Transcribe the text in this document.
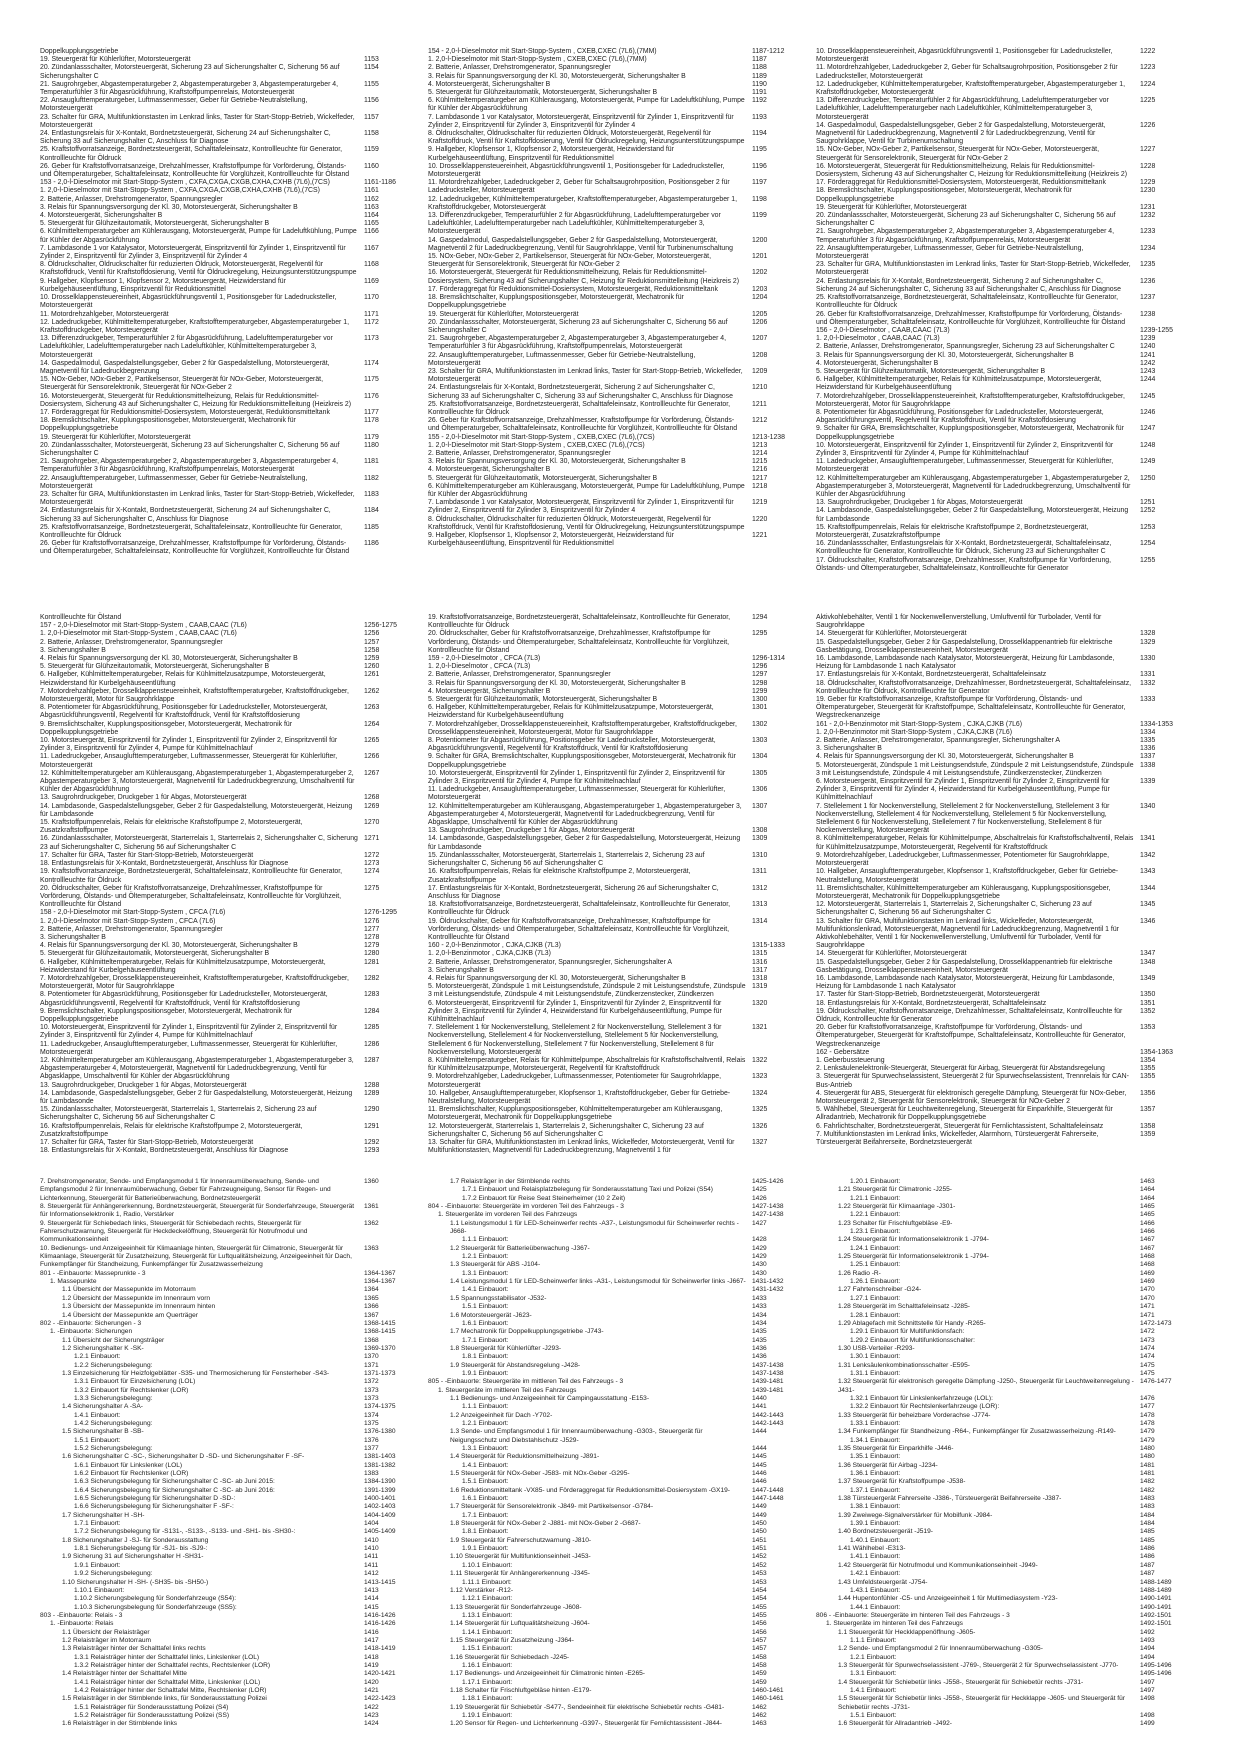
Doppelkupplungsgetriebe
19. Steuergerät für Kühlerlüfter, Motorsteuergerät	1153
20. Zündanlassschalter, Motorsteuergerät, Sicherung 23 auf Sicherungshalter C, Sicherung 56 auf Sicherungshalter C
1154
21. Saugrohrgeber, Abgastemperaturgeber 2, Abgastemperaturgeber 3, Abgastemperaturgeber 4, Temperaturfühler 3 für Abgasrückführung, Kraftstoffpumpenrelais, Motorsteuergerät
1155
22. Ansauglufttemperaturgeber, Luftmassenmesser, Geber für Getriebe-Neutralstellung, Motorsteuergerät
1156
23. Schalter für GRA, Multifunktionstasten im Lenkrad links, Taster für Start-Stopp-Betrieb, Wickelfeder, Motorsteuergerät
1157
24. Entlastungsrelais für X-Kontakt, Bordnetzsteuergerät, Sicherung 24 auf Sicherungshalter C, Sicherung 33 auf Sicherungshalter C, Anschluss für Diagnose
1158
25. Kraftstoffvorratsanzeige, Bordnetzsteuergerät, Schalttafeleinsatz, Kontrollleuchte für Generator, Kontrollleuchte für Öldruck
1159
26. Geber für Kraftstoffvorratsanzeige, Drehzahlmesser, Kraftstoffpumpe für Vorförderung, Ölstands- und Öltemperaturgeber, Schalttafeleinsatz, Kontrollleuchte für Vorglühzeit, Kontrollleuchte für Ölstand
1160
153 - 2,0-l-Dieselmotor mit Start-Stopp-System , CXFA,CXGA,CXGB,CXHA,CXHB (7L6),(7CS)	1161-1186
1. 2,0-l-Dieselmotor mit Start-Stopp-System , CXFA,CXGA,CXGB,CXHA,CXHB (7L6),(7CS)	1161
2. Batterie, Anlasser, Drehstromgenerator, Spannungsregler	1162
3. Relais für Spannungsversorgung der Kl. 30, Motorsteuergerät, Sicherungshalter B	1163
4. Motorsteuergerät, Sicherungshalter B	1164
5. Steuergerät für Glühzeitautomatik, Motorsteuergerät, Sicherungshalter B	1165
6. Kühlmitteltemperaturgeber am Kühlerausgang, Motorsteuergerät, Pumpe für Ladeluftkühlung, Pumpe für Kühler der Abgasrückführung
1166
7. Lambdasonde 1 vor Katalysator, Motorsteuergerät, Einspritzventil für Zylinder 1, Einspritzventil für Zylinder 2, Einspritzventil für Zylinder 3, Einspritzventil für Zylinder 4
1167
8. Öldruckschalter, Öldruckschalter für reduzierten Öldruck, Motorsteuergerät, Regelventil für Kraftstoffdruck, Ventil für Kraftstoffdosierung, Ventil für Öldruckregelung, Heizungsunterstützungspumpe
1168
9. Hallgeber, Klopfsensor 1, Klopfsensor 2, Motorsteuergerät, Heizwiderstand für Kurbelgehäuseentlüftung, Einspritzventil für Reduktionsmittel
1169
10. Drosselklappensteuereinheit, Abgasrückführungsventil 1, Positionsgeber für Ladedrucksteller, Motorsteuergerät
1170
11. Motordrehzahlgeber, Motorsteuergerät	1171
12. Ladedruckgeber, Kühlmitteltemperaturgeber, Kraftstofftemperaturgeber, Abgastemperaturgeber 1, Kraftstoffdruckgeber, Motorsteuergerät
1172
13. Differenzdruckgeber, Temperaturfühler 2 für Abgasrückführung, Ladelufttemperaturgeber vor Ladeluftkühler, Ladelufttemperaturgeber nach Ladeluftkühler, Kühlmitteltemperaturgeber 3, Motorsteuergerät
1173
14. Gaspedalmodul, Gaspedalstellungsgeber, Geber 2 für Gaspedalstellung, Motorsteuergerät, Magnetventil für Ladedruckbegrenzung
1174
15. NOx-Geber, NOx-Geber 2, Partikelsensor, Steuergerät für NOx-Geber, Motorsteuergerät, Steuergerät für Sensorelektronik, Steuergerät für NOx-Geber 2
1175
16. Motorsteuergerät, Steuergerät für Reduktionsmittelheizung, Relais für Reduktionsmittel-Dosiersystem, Sicherung 43 auf Sicherungshalter C, Heizung für Reduktionsmittelleitung (Heizkreis 2)
1176
17. Förderaggregat für Reduktionsmittel-Dosiersystem, Motorsteuergerät, Reduktionsmitteltank	1177
18. Bremslichtschalter, Kupplungspositionsgeber, Motorsteuergerät, Mechatronik für Doppelkupplungsgetriebe
1178
19. Steuergerät für Kühlerlüfter, Motorsteuergerät	1179
20. Zündanlassschalter, Motorsteuergerät, Sicherung 23 auf Sicherungshalter C, Sicherung 56 auf Sicherungshalter C
1180
21. Saugrohrgeber, Abgastemperaturgeber 2, Abgastemperaturgeber 3, Abgastemperaturgeber 4, Temperaturfühler 3 für Abgasrückführung, Kraftstoffpumpenrelais, Motorsteuergerät
1181
22. Ansauglufttemperaturgeber, Luftmassenmesser, Geber für Getriebe-Neutralstellung, Motorsteuergerät
1182
23. Schalter für GRA, Multifunktionstasten im Lenkrad links, Taster für Start-Stopp-Betrieb, Wickelfeder, Motorsteuergerät
1183
24. Entlastungsrelais für X-Kontakt, Bordnetzsteuergerät, Sicherung 24 auf Sicherungshalter C, Sicherung 33 auf Sicherungshalter C, Anschluss für Diagnose
1184
25. Kraftstoffvorratsanzeige, Bordnetzsteuergerät, Schalttafeleinsatz, Kontrollleuchte für Generator, Kontrollleuchte für Öldruck
1185
26. Geber für Kraftstoffvorratsanzeige, Drehzahlmesser, Kraftstoffpumpe für Vorförderung, Ölstands- und Öltemperaturgeber, Schalttafeleinsatz, Kontrollleuchte für Vorglühzeit, Kontrollleuchte für Ölstand
1186
154 - 2,0-l-Dieselmotor mit Start-Stopp-System , CXEB,CXEC (7L6),(7MM)	1187-1212
1. 2,0-l-Dieselmotor mit Start-Stopp-System , CXEB,CXEC (7L6),(7MM)	1187
2. Batterie, Anlasser, Drehstromgenerator, Spannungsregler	1188
3. Relais für Spannungsversorgung der Kl. 30, Motorsteuergerät, Sicherungshalter B	1189
4. Motorsteuergerät, Sicherungshalter B	1190
5. Steuergerät für Glühzeitautomatik, Motorsteuergerät, Sicherungshalter B	1191
6. Kühlmitteltemperaturgeber am Kühlerausgang, Motorsteuergerät, Pumpe für Ladeluftkühlung, Pumpe für Kühler der Abgasrückführung
1192
7. Lambdasonde 1 vor Katalysator, Motorsteuergerät, Einspritzventil für Zylinder 1, Einspritzventil für Zylinder 2, Einspritzventil für Zylinder 3, Einspritzventil für Zylinder 4
1193
8. Öldruckschalter, Öldruckschalter für reduzierten Öldruck, Motorsteuergerät, Regelventil für Kraftstoffdruck, Ventil für Kraftstoffdosierung, Ventil für Öldruckregelung, Heizungsunterstützungspumpe
1194
9. Hallgeber, Klopfsensor 1, Klopfsensor 2, Motorsteuergerät, Heizwiderstand für Kurbelgehäuseentlüftung, Einspritzventil für Reduktionsmittel
1195
10. Drosselklappensteuereinheit, Abgasrückführungsventil 1, Positionsgeber für Ladedrucksteller, Motorsteuergerät
1196
11. Motordrehzahlgeber, Ladedruckgeber 2, Geber für Schaltsaugrohrposition, Positionsgeber 2 für Ladedrucksteller, Motorsteuergerät
1197
12. Ladedruckgeber, Kühlmitteltemperaturgeber, Kraftstofftemperaturgeber, Abgastemperaturgeber 1, Kraftstoffdruckgeber, Motorsteuergerät
1198
13. Differenzdruckgeber, Temperaturfühler 2 für Abgasrückführung, Ladelufttemperaturgeber vor Ladeluftkühler, Ladelufttemperaturgeber nach Ladeluftkühler, Kühlmitteltemperaturgeber 3, Motorsteuergerät
1199
14. Gaspedalmodul, Gaspedalstellungsgeber, Geber 2 für Gaspedalstellung, Motorsteuergerät, Magnetventil 2 für Ladedruckbegrenzung, Ventil für Saugrohrklappe, Ventil für Turbinenumschaltung
1200
15. NOx-Geber, NOx-Geber 2, Partikelsensor, Steuergerät für NOx-Geber, Motorsteuergerät, Steuergerät für Sensorelektronik, Steuergerät für NOx-Geber 2
1201
16. Motorsteuergerät, Steuergerät für Reduktionsmittelheizung, Relais für Reduktionsmittel-Dosiersystem, Sicherung 43 auf Sicherungshalter C, Heizung für Reduktionsmittelleitung (Heizkreis 2)
1202
17. Förderaggregat für Reduktionsmittel-Dosiersystem, Motorsteuergerät, Reduktionsmitteltank	1203
18. Bremslichtschalter, Kupplungspositionsgeber, Motorsteuergerät, Mechatronik für Doppelkupplungsgetriebe
1204
19. Steuergerät für Kühlerlüfter, Motorsteuergerät	1205
20. Zündanlassschalter, Motorsteuergerät, Sicherung 23 auf Sicherungshalter C, Sicherung 56 auf Sicherungshalter C
1206
21. Saugrohrgeber, Abgastemperaturgeber 2, Abgastemperaturgeber 3, Abgastemperaturgeber 4, Temperaturfühler 3 für Abgasrückführung, Kraftstoffpumpenrelais, Motorsteuergerät
1207
22. Ansauglufttemperaturgeber, Luftmassenmesser, Geber für Getriebe-Neutralstellung, Motorsteuergerät
1208
23. Schalter für GRA, Multifunktionstasten im Lenkrad links, Taster für Start-Stopp-Betrieb, Wickelfeder, Motorsteuergerät
1209
24. Entlastungsrelais für X-Kontakt, Bordnetzsteuergerät, Sicherung 2 auf Sicherungshalter C, Sicherung 33 auf Sicherungshalter C, Sicherung 33 auf Sicherungshalter C, Anschluss für Diagnose
1210
25. Kraftstoffvorratsanzeige, Bordnetzsteuergerät, Schalttafeleinsatz, Kontrollleuchte für Generator, Kontrollleuchte für Öldruck
1211
26. Geber für Kraftstoffvorratsanzeige, Drehzahlmesser, Kraftstoffpumpe für Vorförderung, Ölstands- und Öltemperaturgeber, Schalttafeleinsatz, Kontrollleuchte für Vorglühzeit, Kontrollleuchte für Ölstand
1212
155 - 2,0-l-Dieselmotor mit Start-Stopp-System , CXEB,CXEC (7L6),(7CS)	1213-1238
1. 2,0-l-Dieselmotor mit Start-Stopp-System , CXEB,CXEC (7L6),(7CS)	1213
2. Batterie, Anlasser, Drehstromgenerator, Spannungsregler	1214
3. Relais für Spannungsversorgung der Kl. 30, Motorsteuergerät, Sicherungshalter B	1215
4. Motorsteuergerät, Sicherungshalter B	1216
5. Steuergerät für Glühzeitautomatik, Motorsteuergerät, Sicherungshalter B	1217
6. Kühlmitteltemperaturgeber am Kühlerausgang, Motorsteuergerät, Pumpe für Ladeluftkühlung, Pumpe für Kühler der Abgasrückführung
1218
7. Lambdasonde 1 vor Katalysator, Motorsteuergerät, Einspritzventil für Zylinder 1, Einspritzventil für Zylinder 2, Einspritzventil für Zylinder 3, Einspritzventil für Zylinder 4
1219
8. Öldruckschalter, Öldruckschalter für reduzierten Öldruck, Motorsteuergerät, Regelventil für Kraftstoffdruck, Ventil für Kraftstoffdosierung, Ventil für Öldruckregelung, Heizungsunterstützungspumpe
1220
9. Hallgeber, Klopfsensor 1, Klopfsensor 2, Motorsteuergerät, Heizwiderstand für Kurbelgehäuseentlüftung, Einspritzventil für Reduktionsmittel
1221
10. Drosselklappensteuereinheit, Abgasrückführungsventil 1, Positionsgeber für Ladedrucksteller, Motorsteuergerät
1222
11. Motordrehzahlgeber, Ladedruckgeber 2, Geber für Schaltsaugrohrposition, Positionsgeber 2 für Ladedrucksteller, Motorsteuergerät
1223
12. Ladedruckgeber, Kühlmitteltemperaturgeber, Kraftstofftemperaturgeber, Abgastemperaturgeber 1, Kraftstoffdruckgeber, Motorsteuergerät
1224
13. Differenzdruckgeber, Temperaturfühler 2 für Abgasrückführung, Ladelufttemperaturgeber vor Ladeluftkühler, Ladelufttemperaturgeber nach Ladeluftkühler, Kühlmitteltemperaturgeber 3, Motorsteuergerät
1225
14. Gaspedalmodul, Gaspedalstellungsgeber, Geber 2 für Gaspedalstellung, Motorsteuergerät, Magnetventil für Ladedruckbegrenzung, Magnetventil 2 für Ladedruckbegrenzung, Ventil für Saugrohrklappe, Ventil für Turbinenumschaltung
1226
15. NOx-Geber, NOx-Geber 2, Partikelsensor, Steuergerät für NOx-Geber, Motorsteuergerät, Steuergerät für Sensorelektronik, Steuergerät für NOx-Geber 2
1227
16. Motorsteuergerät, Steuergerät für Reduktionsmittelheizung, Relais für Reduktionsmittel-Dosiersystem, Sicherung 43 auf Sicherungshalter C, Heizung für Reduktionsmittelleitung (Heizkreis 2)
1228
17. Förderaggregat für Reduktionsmittel-Dosiersystem, Motorsteuergerät, Reduktionsmitteltank	1229
18. Bremslichtschalter, Kupplungspositionsgeber, Motorsteuergerät, Mechatronik für Doppelkupplungsgetriebe
1230
19. Steuergerät für Kühlerlüfter, Motorsteuergerät	1231
20. Zündanlassschalter, Motorsteuergerät, Sicherung 23 auf Sicherungshalter C, Sicherung 56 auf Sicherungshalter C
1232
21. Saugrohrgeber, Abgastemperaturgeber 2, Abgastemperaturgeber 3, Abgastemperaturgeber 4, Temperaturfühler 3 für Abgasrückführung, Kraftstoffpumpenrelais, Motorsteuergerät
1233
22. Ansauglufttemperaturgeber, Luftmassenmesser, Geber für Getriebe-Neutralstellung, Motorsteuergerät
1234
23. Schalter für GRA, Multifunktionstasten im Lenkrad links, Taster für Start-Stopp-Betrieb, Wickelfeder, Motorsteuergerät
1235
24. Entlastungsrelais für X-Kontakt, Bordnetzsteuergerät, Sicherung 2 auf Sicherungshalter C, Sicherung 24 auf Sicherungshalter C, Sicherung 33 auf Sicherungshalter C, Anschluss für Diagnose
1236
25. Kraftstoffvorratsanzeige, Bordnetzsteuergerät, Schalttafeleinsatz, Kontrollleuchte für Generator, Kontrollleuchte für Öldruck
1237
26. Geber für Kraftstoffvorratsanzeige, Drehzahlmesser, Kraftstoffpumpe für Vorförderung, Ölstands- und Öltemperaturgeber, Schalttafeleinsatz, Kontrollleuchte für Vorglühzeit, Kontrollleuchte für Ölstand
1238
156 - 2,0-l-Dieselmotor , CAAB,CAAC (7L3)	1239-1255
1. 2,0-l-Dieselmotor , CAAB,CAAC (7L3)	1239
2. Batterie, Anlasser, Drehstromgenerator, Spannungsregler, Sicherung 23 auf Sicherungshalter C	1240
3. Relais für Spannungsversorgung der Kl. 30, Motorsteuergerät, Sicherungshalter B	1241
4. Motorsteuergerät, Sicherungshalter B	1242
5. Steuergerät für Glühzeitautomatik, Motorsteuergerät, Sicherungshalter B	1243
6. Hallgeber, Kühlmitteltemperaturgeber, Relais für Kühlmittelzusatzpumpe, Motorsteuergerät, Heizwiderstand für Kurbelgehäuseentlüftung
1244
7. Motordrehzahlgeber, Drosselklappensteuereinheit, Kraftstofftemperaturgeber, Kraftstoffdruckgeber, Motorsteuergerät, Motor für Saugrohrklappe
1245
8. Potentiometer für Abgasrückführung, Positionsgeber für Ladedrucksteller, Motorsteuergerät, Abgasrückführungsventil, Regelventil für Kraftstoffdruck, Ventil für Kraftstoffdosierung
1246
9. Schalter für GRA, Bremslichtschalter, Kupplungspositionsgeber, Motorsteuergerät, Mechatronik für Doppelkupplungsgetriebe
1247
10. Motorsteuergerät, Einspritzventil für Zylinder 1, Einspritzventil für Zylinder 2, Einspritzventil für Zylinder 3, Einspritzventil für Zylinder 4, Pumpe für Kühlmittelnachlauf
1248
11. Ladedruckgeber, Ansauglufttemperaturgeber, Luftmassenmesser, Steuergerät für Kühlerlüfter, Motorsteuergerät
1249
12. Kühlmitteltemperaturgeber am Kühlerausgang, Abgastemperaturgeber 1, Abgastemperaturgeber 2, Abgastemperaturgeber 3, Motorsteuergerät, Magnetventil für Ladedruckbegrenzung, Umschaltventil für Kühler der Abgasrückführung
1250
13. Saugrohrdruckgeber, Druckgeber 1 für Abgas, Motorsteuergerät	1251
14. Lambdasonde, Gaspedalstellungsgeber, Geber 2 für Gaspedalstellung, Motorsteuergerät, Heizung für Lambdasonde
1252
15. Kraftstoffpumpenrelais, Relais für elektrische Kraftstoffpumpe 2, Bordnetzsteuergerät, Motorsteuergerät, Zusatzkraftstoffpumpe
1253
16. Zündanlassschalter, Entlastungsrelais für X-Kontakt, Bordnetzsteuergerät, Schalttafeleinsatz, Kontrollleuchte für Generator, Kontrollleuchte für Öldruck, Sicherung 23 auf Sicherungshalter C
1254
17. Öldruckschalter, Kraftstoffvorratsanzeige, Drehzahlmesser, Kraftstoffpumpe für Vorförderung, Ölstands- und Öltemperaturgeber, Schalttafeleinsatz, Kontrollleuchte für Generator
1255
Kontrollleuchte für Ölstand
157 - 2,0-l-Dieselmotor mit Start-Stopp-System , CAAB,CAAC (7L6)	1256-1275
1. 2,0-l-Dieselmotor mit Start-Stopp-System , CAAB,CAAC (7L6)	1256
2. Batterie, Anlasser, Drehstromgenerator, Spannungsregler	1257
3. Sicherungshalter B	1258
4. Relais für Spannungsversorgung der Kl. 30, Motorsteuergerät, Sicherungshalter B	1259
5. Steuergerät für Glühzeitautomatik, Motorsteuergerät, Sicherungshalter B	1260
6. Hallgeber, Kühlmitteltemperaturgeber, Relais für Kühlmittelzusatzpumpe, Motorsteuergerät, Heizwiderstand für Kurbelgehäuseentlüftung
1261
7. Motordrehzahlgeber, Drosselklappensteuereinheit, Kraftstofftemperaturgeber, Kraftstoffdruckgeber, Motorsteuergerät, Motor für Saugrohrklappe
1262
8. Potentiometer für Abgasrückführung, Positionsgeber für Ladedrucksteller, Motorsteuergerät, Abgasrückführungsventil, Regelventil für Kraftstoffdruck, Ventil für Kraftstoffdosierung
1263
9. Bremslichtschalter, Kupplungspositionsgeber, Motorsteuergerät, Mechatronik für Doppelkupplungsgetriebe
1264
10. Motorsteuergerät, Einspritzventil für Zylinder 1, Einspritzventil für Zylinder 2, Einspritzventil für Zylinder 3, Einspritzventil für Zylinder 4, Pumpe für Kühlmittelnachlauf
1265
11. Ladedruckgeber, Ansauglufttemperaturgeber, Luftmassenmesser, Steuergerät für Kühlerlüfter, Motorsteuergerät
1266
12. Kühlmitteltemperaturgeber am Kühlerausgang, Abgastemperaturgeber 1, Abgastemperaturgeber 2, Abgastemperaturgeber 3, Motorsteuergerät, Magnetventil für Ladedruckbegrenzung, Umschaltventil für Kühler der Abgasrückführung
1267
13. Saugrohrdruckgeber, Druckgeber 1 für Abgas, Motorsteuergerät	1268
14. Lambdasonde, Gaspedalstellungsgeber, Geber 2 für Gaspedalstellung, Motorsteuergerät, Heizung für Lambdasonde
1269
15. Kraftstoffpumpenrelais, Relais für elektrische Kraftstoffpumpe 2, Motorsteuergerät, Zusatzkraftstoffpumpe
1270
16. Zündanlassschalter, Motorsteuergerät, Starterrelais 1, Starterrelais 2, Sicherungshalter C, Sicherung 23 auf Sicherungshalter C, Sicherung 56 auf Sicherungshalter C
1271
17. Schalter für GRA, Taster für Start-Stopp-Betrieb, Motorsteuergerät	1272
18. Entlastungsrelais für X-Kontakt, Bordnetzsteuergerät, Anschluss für Diagnose	1273
19. Kraftstoffvorratsanzeige, Bordnetzsteuergerät, Schalttafeleinsatz, Kontrollleuchte für Generator, Kontrollleuchte für Öldruck
1274
20. Öldruckschalter, Geber für Kraftstoffvorratsanzeige, Drehzahlmesser, Kraftstoffpumpe für Vorförderung, Ölstands- und Öltemperaturgeber, Schalttafeleinsatz, Kontrollleuchte für Vorglühzeit, Kontrollleuchte für Ölstand
1275
158 - 2,0-l-Dieselmotor mit Start-Stopp-System , CFCA (7L6)	1276-1295
1. 2,0-l-Dieselmotor mit Start-Stopp-System , CFCA (7L6)	1276
2. Batterie, Anlasser, Drehstromgenerator, Spannungsregler	1277
3. Sicherungshalter B	1278
4. Relais für Spannungsversorgung der Kl. 30, Motorsteuergerät, Sicherungshalter B	1279
5. Steuergerät für Glühzeitautomatik, Motorsteuergerät, Sicherungshalter B	1280
6. Hallgeber, Kühlmitteltemperaturgeber, Relais für Kühlmittelzusatzpumpe, Motorsteuergerät, Heizwiderstand für Kurbelgehäuseentlüftung
1281
7. Motordrehzahlgeber, Drosselklappensteuereinheit, Kraftstofftemperaturgeber, Kraftstoffdruckgeber, Motorsteuergerät, Motor für Saugrohrklappe
1282
8. Potentiometer für Abgasrückführung, Positionsgeber für Ladedrucksteller, Motorsteuergerät, Abgasrückführungsventil, Regelventil für Kraftstoffdruck, Ventil für Kraftstoffdosierung
1283
9. Bremslichtschalter, Kupplungspositionsgeber, Motorsteuergerät, Mechatronik für Doppelkupplungsgetriebe
1284
10. Motorsteuergerät, Einspritzventil für Zylinder 1, Einspritzventil für Zylinder 2, Einspritzventil für Zylinder 3, Einspritzventil für Zylinder 4, Pumpe für Kühlmittelnachlauf
1285
11. Ladedruckgeber, Ansauglufttemperaturgeber, Luftmassenmesser, Steuergerät für Kühlerlüfter, Motorsteuergerät
1286
12. Kühlmitteltemperaturgeber am Kühlerausgang, Abgastemperaturgeber 1, Abgastemperaturgeber 3, Abgastemperaturgeber 4, Motorsteuergerät, Magnetventil für Ladedruckbegrenzung, Ventil für Abgasklappe, Umschaltventil für Kühler der Abgasrückführung
1287
13. Saugrohrdruckgeber, Druckgeber 1 für Abgas, Motorsteuergerät	1288
14. Lambdasonde, Gaspedalstellungsgeber, Geber 2 für Gaspedalstellung, Motorsteuergerät, Heizung für Lambdasonde
1289
15. Zündanlassschalter, Motorsteuergerät, Starterrelais 1, Starterrelais 2, Sicherung 23 auf Sicherungshalter C, Sicherung 56 auf Sicherungshalter C
1290
16. Kraftstoffpumpenrelais, Relais für elektrische Kraftstoffpumpe 2, Motorsteuergerät, Zusatzkraftstoffpumpe
1291
17. Schalter für GRA, Taster für Start-Stopp-Betrieb, Motorsteuergerät	1292
18. Entlastungsrelais für X-Kontakt, Bordnetzsteuergerät, Anschluss für Diagnose	1293
19. Kraftstoffvorratsanzeige, Bordnetzsteuergerät, Schalttafeleinsatz, Kontrollleuchte für Generator, Kontrollleuchte für Öldruck
1294
20. Öldruckschalter, Geber für Kraftstoffvorratsanzeige, Drehzahlmesser, Kraftstoffpumpe für Vorförderung, Ölstands- und Öltemperaturgeber, Schalttafeleinsatz, Kontrollleuchte für Vorglühzeit, Kontrollleuchte für Ölstand
1295
159 - 2,0-l-Dieselmotor , CFCA (7L3)	1296-1314
1. 2,0-l-Dieselmotor , CFCA (7L3)	1296
2. Batterie, Anlasser, Drehstromgenerator, Spannungsregler	1297
3. Relais für Spannungsversorgung der Kl. 30, Motorsteuergerät, Sicherungshalter B	1298
4. Motorsteuergerät, Sicherungshalter B	1299
5. Steuergerät für Glühzeitautomatik, Motorsteuergerät, Sicherungshalter B	1300
6. Hallgeber, Kühlmitteltemperaturgeber, Relais für Kühlmittelzusatzpumpe, Motorsteuergerät, Heizwiderstand für Kurbelgehäuseentlüftung
1301
7. Motordrehzahlgeber, Drosselklappensteuereinheit, Kraftstofftemperaturgeber, Kraftstoffdruckgeber, Drosselklappensteuereinheit, Motorsteuergerät, Motor für Saugrohrklappe
1302
8. Potentiometer für Abgasrückführung, Positionsgeber für Ladedrucksteller, Motorsteuergerät, Abgasrückführungsventil, Regelventil für Kraftstoffdruck, Ventil für Kraftstoffdosierung
1303
9. Schalter für GRA, Bremslichtschalter, Kupplungspositionsgeber, Motorsteuergerät, Mechatronik für Doppelkupplungsgetriebe
1304
10. Motorsteuergerät, Einspritzventil für Zylinder 1, Einspritzventil für Zylinder 2, Einspritzventil für Zylinder 3, Einspritzventil für Zylinder 4, Pumpe für Kühlmittelnachlauf
1305
11. Ladedruckgeber, Ansauglufttemperaturgeber, Luftmassenmesser, Steuergerät für Kühlerlüfter, Motorsteuergerät
1306
12. Kühlmitteltemperaturgeber am Kühlerausgang, Abgastemperaturgeber 1, Abgastemperaturgeber 3, Abgastemperaturgeber 4, Motorsteuergerät, Magnetventil für Ladedruckbegrenzung, Ventil für Abgasklappe, Umschaltventil für Kühler der Abgasrückführung
1307
13. Saugrohrdruckgeber, Druckgeber 1 für Abgas, Motorsteuergerät	1308
14. Lambdasonde, Gaspedalstellungsgeber, Geber 2 für Gaspedalstellung, Motorsteuergerät, Heizung für Lambdasonde
1309
15. Zündanlassschalter, Motorsteuergerät, Starterrelais 1, Starterrelais 2, Sicherung 23 auf Sicherungshalter C, Sicherung 56 auf Sicherungshalter C
1310
16. Kraftstoffpumpenrelais, Relais für elektrische Kraftstoffpumpe 2, Motorsteuergerät, Zusatzkraftstoffpumpe
1311
17. Entlastungsrelais für X-Kontakt, Bordnetzsteuergerät, Sicherung 26 auf Sicherungshalter C, Anschluss für Diagnose
1312
18. Kraftstoffvorratsanzeige, Bordnetzsteuergerät, Schalttafeleinsatz, Kontrollleuchte für Generator, Kontrollleuchte für Öldruck
1313
19. Öldruckschalter, Geber für Kraftstoffvorratsanzeige, Drehzahlmesser, Kraftstoffpumpe für Vorförderung, Ölstands- und Öltemperaturgeber, Schalttafeleinsatz, Kontrollleuchte für Vorglühzeit, Kontrollleuchte für Ölstand
1314
160 - 2,0-l-Benzinmotor , CJKA,CJKB (7L3)	1315-1333
1. 2,0-l-Benzinmotor , CJKA,CJKB (7L3)	1315
2. Batterie, Anlasser, Drehstromgenerator, Spannungsregler, Sicherungshalter A	1316
3. Sicherungshalter B	1317
4. Relais für Spannungsversorgung der Kl. 30, Motorsteuergerät, Sicherungshalter B	1318
5. Motorsteuergerät, Zündspule 1 mit Leistungsendstufe, Zündspule 2 mit Leistungsendstufe, Zündspule 3 mit Leistungsendstufe, Zündspule 4 mit Leistungsendstufe, Zündkerzenstecker, Zündkerzen
1319
6. Motorsteuergerät, Einspritzventil für Zylinder 1, Einspritzventil für Zylinder 2, Einspritzventil für Zylinder 3, Einspritzventil für Zylinder 4, Heizwiderstand für Kurbelgehäuseentlüftung, Pumpe für Kühlmittelnachlauf
1320
7. Stellelement 1 für Nockenverstellung, Stellelement 2 für Nockenverstellung, Stellelement 3 für Nockenverstellung, Stellelement 4 für Nockenverstellung, Stellelement 5 für Nockenverstellung, Stellelement 6 für Nockenverstellung, Stellelement 7 für Nockenverstellung, Stellelement 8 für Nockenverstellung, Motorsteuergerät
1321
8. Kühlmitteltemperaturgeber, Relais für Kühlmittelpumpe, Abschaltrelais für Kraftstoffschaltventil, Relais für Kühlmittelzusatzpumpe, Motorsteuergerät, Regelventil für Kraftstoffdruck
1322
9. Motordrehzahlgeber, Ladedruckgeber, Luftmassenmesser, Potentiometer für Saugrohrklappe, Motorsteuergerät
1323
10. Hallgeber, Ansauglufttemperaturgeber, Klopfsensor 1, Kraftstoffdruckgeber, Geber für Getriebe-Neutralstellung, Motorsteuergerät
1324
11. Bremslichtschalter, Kupplungspositionsgeber, Kühlmitteltemperaturgeber am Kühlerausgang, Motorsteuergerät, Mechatronik für Doppelkupplungsgetriebe
1325
12. Motorsteuergerät, Starterrelais 1, Starterrelais 2, Sicherungshalter C, Sicherung 23 auf Sicherungshalter C, Sicherung 56 auf Sicherungshalter C
1326
13. Schalter für GRA, Multifunktionstasten im Lenkrad links, Wickelfeder, Motorsteuergerät, Ventil für Multifunktionstasten, Magnetventil für Ladedruckbegrenzung, Magnetventil 1 für
1327
Aktivkohlebehälter, Ventil 1 für Nockenwellenverstellung, Umluftventil für Turbolader, Ventil für Saugrohrklappe
14. Steuergerät für Kühlerlüfter, Motorsteuergerät	1328
15. Gaspedalstellungsgeber, Geber 2 für Gaspedalstellung, Drosselklappenantrieb für elektrische Gasbetätigung, Drosselklappensteuereinheit, Motorsteuergerät
1329
16. Lambdasonde, Lambdasonde nach Katalysator, Motorsteuergerät, Heizung für Lambdasonde, Heizung für Lambdasonde 1 nach Katalysator
1330
17. Entlastungsrelais für X-Kontakt, Bordnetzsteuergerät, Schalttafeleinsatz	1331
18. Öldruckschalter, Kraftstoffvorratsanzeige, Drehzahlmesser, Bordnetzsteuergerät, Schalttafeleinsatz, Kontrollleuchte für Öldruck, Kontrollleuchte für Generator
1332
19. Geber für Kraftstoffvorratsanzeige, Kraftstoffpumpe für Vorförderung, Ölstands- und Öltemperaturgeber, Steuergerät für Kraftstoffpumpe, Schalttafeleinsatz, Kontrollleuchte für Generator, Wegstreckenanzeige
1333
161 - 2,0-l-Benzinmotor mit Start-Stopp-System , CJKA,CJKB (7L6)	1334-1353
1. 2,0-l-Benzinmotor mit Start-Stopp-System , CJKA,CJKB (7L6)	1334
2. Batterie, Anlasser, Drehstromgenerator, Spannungsregler, Sicherungshalter A	1335
3. Sicherungshalter B	1336
4. Relais für Spannungsversorgung der Kl. 30, Motorsteuergerät, Sicherungshalter B	1337
5. Motorsteuergerät, Zündspule 1 mit Leistungsendstufe, Zündspule 2 mit Leistungsendstufe, Zündspule 3 mit Leistungsendstufe, Zündspule 4 mit Leistungsendstufe, Zündkerzenstecker, Zündkerzen
1338
6. Motorsteuergerät, Einspritzventil für Zylinder 1, Einspritzventil für Zylinder 2, Einspritzventil für Zylinder 3, Einspritzventil für Zylinder 4, Heizwiderstand für Kurbelgehäuseentlüftung, Pumpe für Kühlmittelnachlauf
1339
7. Stellelement 1 für Nockenverstellung, Stellelement 2 für Nockenverstellung, Stellelement 3 für Nockenverstellung, Stellelement 4 für Nockenverstellung, Stellelement 5 für Nockenverstellung, Stellelement 6 für Nockenverstellung, Stellelement 7 für Nockenverstellung, Stellelement 8 für Nockenverstellung, Motorsteuergerät
1340
8. Kühlmitteltemperaturgeber, Relais für Kühlmittelpumpe, Abschaltrelais für Kraftstoffschaltventil, Relais für Kühlmittelzusatzpumpe, Motorsteuergerät, Regelventil für Kraftstoffdruck
1341
9. Motordrehzahlgeber, Ladedruckgeber, Luftmassenmesser, Potentiometer für Saugrohrklappe, Motorsteuergerät
1342
10. Hallgeber, Ansauglufttemperaturgeber, Klopfsensor 1, Kraftstoffdruckgeber, Geber für Getriebe-Neutralstellung, Motorsteuergerät
1343
11. Bremslichtschalter, Kühlmitteltemperaturgeber am Kühlerausgang, Kupplungspositionsgeber, Motorsteuergerät, Mechatronik für Doppelkupplungsgetriebe
1344
12. Motorsteuergerät, Starterrelais 1, Starterrelais 2, Sicherungshalter C, Sicherung 23 auf Sicherungshalter C, Sicherung 56 auf Sicherungshalter C
1345
13. Schalter für GRA, Multifunktionstasten im Lenkrad links, Wickelfeder, Motorsteuergerät, Multifunktionslenkrad, Motorsteuergerät, Magnetventil für Ladedruckbegrenzung, Magnetventil 1 für Aktivkohlebehälter, Ventil 1 für Nockenwellenverstellung, Umluftventil für Turbolader, Ventil für Saugrohrklappe
1346
14. Steuergerät für Kühlerlüfter, Motorsteuergerät	1347
15. Gaspedalstellungsgeber, Geber 2 für Gaspedalstellung, Drosselklappenantrieb für elektrische Gasbetätigung, Drosselklappensteuereinheit, Motorsteuergerät
1348
16. Lambdasonde, Lambdasonde nach Katalysator, Motorsteuergerät, Heizung für Lambdasonde, Heizung für Lambdasonde 1 nach Katalysator
1349
17. Taster für Start-Stopp-Betrieb, Bordnetzsteuergerät, Motorsteuergerät	1350
18. Entlastungsrelais für X-Kontakt, Bordnetzsteuergerät, Schalttafeleinsatz	1351
19. Öldruckschalter, Kraftstoffvorratsanzeige, Drehzahlmesser, Schalttafeleinsatz, Kontrollleuchte für Öldruck, Kontrollleuchte für Generator
1352
20. Geber für Kraftstoffvorratsanzeige, Kraftstoffpumpe für Vorförderung, Ölstands- und Öltemperaturgeber, Steuergerät für Kraftstoffpumpe, Schalttafeleinsatz, Kontrollleuchte für Generator, Wegstreckenanzeige
1353
162 - Gebersätze	1354-1363
1. Geberbussteuerung	1354
2. Lenksäulenelektronik-Steuergerät, Steuergerät für Airbag, Steuergerät für Abstandsregelung	1355
3. Steuergerät für Spurwechselassistent, Steuergerät 2 für Spurwechselassistent, Trennrelais für CAN-Bus-Antrieb
1355
4. Steuergerät für ABS, Steuergerät für elektronisch geregelte Dämpfung, Steuergerät für NOx-Geber, Motorsteuergerät 2, Steuergerät für Sensorelektronik, Steuergerät für NOx-Geber 2
1356
5. Wählhebel, Steuergerät für Leuchtweitenregelung, Steuergerät für Einparkhilfe, Steuergerät für Allradantrieb, Mechatronik für Doppelkupplungsgetriebe
1357
6. Fahrlichtschalter, Bordnetzsteuergerät, Steuergerät für Fernlichtassistent, Schalttafeleinsatz	1358
7. Multifunktionstasten im Lenkrad links, Wickelfeder, Alarmhorn, Türsteuergerät Fahrerseite, Türsteuergerät Beifahrerseite, Bordnetzsteuergerät
1359
7. Drehstromgenerator, Sende- und Empfangsmodul 1 für Innenraumüberwachung, Sende- und Empfangsmodul 2 für Innenraumüberwachung, Geber für Fahrzeugneigung, Sensor für Regen- und Lichterkennung, Steuergerät für Batterieüberwachung, Bordnetzsteuergerät
1360
8. Steuergerät für Anhängererkennung, Bordnetzsteuergerät, Steuergerät für Sonderfahrzeuge, Steuergerät für Informationselektronik 1, Radio, Verstärker
1361
9. Steuergerät für Schiebedach links, Steuergerät für Schiebedach rechts, Steuergerät für Fahrerschutzwarnung, Steuergerät für Heckdeckelöffnung, Steuergerät für Notrufmodul und Kommunikationseinheit
1362
10. Bedienungs- und Anzeigeeinheit für Klimaanlage hinten, Steuergerät für Climatronic, Steuergerät für Klimaanlage, Steuergerät für Zusatzheizung, Steuergerät für Luftqualitätsheizung, Anzeigeeinheit für Dach, Funkempfänger für Standheizung, Funkempfänger für Zusatzwasserheizung
1363
801 - -Einbauorte: Masseprunkte - 3	1364-1367
1. Massepunkte	1364-1367
1.1 Übersicht der Massepunkte im Motorraum	1364
1.2 Übersicht der Massepunkte im Innenraum vorn	1365
1.3 Übersicht der Massepunkte im Innenraum hinten	1366
1.4 Übersicht der Massepunkte am Querträger	1367
802 - -Einbauorte: Sicherungen - 3	1368-1415
1. -Einbauorte: Sicherungen	1368-1415
1.1 Übersicht der Sicherungsträger	1368
1.2 Sicherungshalter K -SK-	1369-1370
1.2.1 Einbauort:	1370
1.2.2 Sicherungsbelegung:	1371
1.3 Einzelsicherung für Heizfolgeblätter -S35- und Thermosicherung für Fensterheber -S43-	1371-1373
1.3.1 Einbauort für Einzelsicherung (LOL)	1372
1.3.2 Einbauort für Rechtslenker (LOR)	1373
1.3.3 Sicherungsbelegung:	1373
1.4 Sicherungshalter A -SA-	1374-1375
1.4.1 Einbauort:	1374
1.4.2 Sicherungsbelegung:	1375
1.5 Sicherungshalter B -SB-	1376-1380
1.5.1 Einbauort:	1376
1.5.2 Sicherungsbelegung:	1377
1.6 Sicherungshalter C -SC-, Sicherungshalter D -SD- und Sicherungshalter F -SF-	1381-1403
1.6.1 Einbauort für Linkslenker (LOL)	1381-1382
1.6.2 Einbauort für Rechtslenker (LOR)	1383
1.6.3 Sicherungsbelegung für Sicherungshalter C -SC- ab Juni 2015:	1384-1390
1.6.4 Sicherungsbelegung für Sicherungshalter C -SC- ab Juni 2016:	1391-1399
1.6.5 Sicherungsbelegung für Sicherungshalter D -SD-:	1400-1401
1.6.6 Sicherungsbelegung für Sicherungshalter F -SF-:	1402-1403
1.7 Sicherungshalter H -SH-	1404-1409
1.7.1 Einbauort:	1404
1.7.2 Sicherungsbelegung für -S131-, -S133-, -S133- und -SH1- bis -SH30-:	1405-1409
1.8 Sicherungshalter J -SJ- für Sonderausstattung	1410
1.8.1 Sicherungsbelegung für -SJ1- bis -SJ9-:	1410
1.9 Sicherung 31 auf Sicherungshalter H -SH31-	1411
1.9.1 Einbauort:	1411
1.9.2 Sicherungsbelegung:	1412
1.10 Sicherungshalter H -SH- (-SH35- bis -SH50-)	1413-1415
1.10.1 Einbauort:	1413
1.10.2 Sicherungsbelegung für Sonderfahrzeuge (S54):	1414
1.10.3 Sicherungsbelegung für Sonderfahrzeuge (SS5):	1415
803 - -Einbauorte: Relais - 3	1416-1426
1. -Einbauorte: Relais	1416-1426
1.1 Übersicht der Relaisträger	1416
1.2 Relaisträger im Motorraum	1417
1.3 Relaisträger hinter der Schalttafel links rechts	1418-1419
1.3.1 Relaisträger hinter der Schalttafel links, Linkslenker (LOL)	1418
1.3.2 Relaisträger hinter der Schalttafel rechts, Rechtslenker (LOR)	1419
1.4 Relaisträger hinter der Schalttafel Mitte	1420-1421
1.4.1 Relaisträger hinter der Schalttafel Mitte, Linkslenker (LOL)	1420
1.4.2 Relaisträger hinter der Schalttafel Mitte, Rechtslenker (LOR)	1421
1.5 Relaisträger in der Stirnblende links, für Sonderausstattung Polizei	1422-1423
1.5.1 Relaisträger für Sonderausstattung Polizei (S4)	1422
1.5.2 Relaisträger für Sonderausstattung Polizei (SS)	1423
1.6 Relaisträger in der Stirnblende links	1424
1.7 Relaisträger in der Stirnblende rechts	1425-1426
1.7.1 Einbauort und Relaisplatzbelegung für Sonderausstattung Taxi und Polizei (S54)	1425
1.7.2 Einbauort für Reise Seat Steinerheimer (10 2 Zeit)	1426
804 - -Einbauorte: Steuergeräte im vorderen Teil des Fahrzeugs - 3	1427-1438
1. Steuergeräte im vorderen Teil des Fahrzeugs	1427-1438
1.1 Leistungsmodul 1 für LED-Scheinwerfer rechts -A37-, Leistungsmodul für Scheinwerfer rechts -J668-
1427
1.1.1 Einbauort:	1428
1.2 Steuergerät für Batterieüberwachung -J367-	1429
1.2.1 Einbauort:	1429
1.3 Steuergerät für ABS -J104-	1430
1.3.1 Einbauort:	1430
1.4 Leistungsmodul 1 für LED-Scheinwerfer links -A31-, Leistungsmodul für Scheinwerfer links -J667- 1431-1432
1.4.1 Einbauort:	1431-1432
1.5 Spannungsstabilisator -J532-	1433
1.5.1 Einbauort:	1433
1.6 Motorsteuergerät -J623-	1434
1.6.1 Einbauort:	1434
1.7 Mechatronik für Doppelkupplungsgetriebe -J743-	1435
1.7.1 Einbauort:	1435
1.8 Steuergerät für Kühlerlüfter -J293-	1436
1.8.1 Einbauort:	1436
1.9 Steuergerät für Abstandsregelung -J428-	1437-1438
1.9.1 Einbauort:	1437-1438
805 - -Einbauorte: Steuergeräte im mittleren Teil des Fahrzeugs - 3	1439-1481
1. Steuergeräte im mittleren Teil des Fahrzeugs	1439-1481
1.1 Bedienungs- und Anzeigeeinheit für Campingausstattung -E153-	1440
1.1.1 Einbauort:	1441
1.2 Anzeigeeinheit für Dach -Y702-	1442-1443
1.2.1 Einbauort:	1442-1443
1.3 Sende- und Empfangsmodul 1 für Innenraumüberwachung -G303-, Steuergerät für Neigungsschutz und Diebstahlschutz -J529-
1444
1.3.1 Einbauort:	1444
1.4 Steuergerät für Reduktionsmittelheizung -J891-	1445
1.4.1 Einbauort:	1445
1.5 Steuergerät für NOx-Geber -J583- mit NOx-Geber -G295-	1446
1.5.1 Einbauort:	1446
1.6 Reduktionsmitteltank -VX85- und Förderaggregat für Reduktionsmittel-Dosiersystem -GX19-	1447-1448
1.6.1 Einbauort:	1447-1448
1.7 Steuergerät für Sensorelektronik -J849- mit Partikelsensor -G784-	1449
1.7.1 Einbauort:	1449
1.8 Steuergerät für NOx-Geber 2 -J881- mit NOx-Geber 2 -G687-	1450
1.8.1 Einbauort:	1450
1.9 Steuergerät für Fahrerschutzwarnung -J810-	1451
1.9.1 Einbauort:	1451
1.10 Steuergerät für Multifunktionseinheit -J453-	1452
1.10.1 Einbauort:	1452
1.11 Steuergerät für Anhängererkennung -J345-	1453
1.11.1 Einbauort:	1453
1.12 Verstärker -R12-	1454
1.12.1 Einbauort:	1454
1.13 Steuergerät für Sonderfahrzeuge -J608-	1455
1.13.1 Einbauort:	1455
1.14 Steuergerät für Luftqualitätsheizung -J604-	1456
1.14.1 Einbauort:	1456
1.15 Steuergerät für Zusatzheizung -J364-	1457
1.15.1 Einbauort:	1457
1.16 Steuergerät für Schiebedach -J245-	1458
1.16.1 Einbauort:	1458
1.17 Bedienungs- und Anzeigeeinheit für Climatronic hinten -E265-	1459
1.17.1 Einbauort:	1459
1.18 Schalter für Frischluftgebläse hinten -E179-	1460-1461
1.18.1 Einbauort:	1460-1461
1.19 Steuergerät für Schiebetür -S477-, Sendeeinheit für elektrische Schiebetür rechts -G481-	1462
1.19.1 Einbauort:	1462
1.20 Sensor für Regen- und Lichterkennung -G397-, Steuergerät für Fernlichtassistent -J844-	1463
1.20.1 Einbauort:	1463
1.21 Steuergerät für Climatronic -J255-	1464
1.21.1 Einbauort:	1464
1.22 Steuergerät für Klimaanlage -J301-	1465
1.22.1 Einbauort:	1465
1.23 Schalter für Frischluftgebläse -E9-	1466
1.23.1 Einbauort:	1466
1.24 Steuergerät für Informationselektronik 1 -J794-	1467
1.24.1 Einbauort:	1467
1.25 Steuergerät für Informationselektronik 1 -J794-	1468
1.25.1 Einbauort:	1468
1.26 Radio -R-	1469
1.26.1 Einbauort:	1469
1.27 Fahrtenschreiber -G24-	1470
1.27.1 Einbauort:	1470
1.28 Steuergerät im Schalttafeleinsatz -J285-	1471
1.28.1 Einbauort:	1471
1.29 Ablagefach mit Schnittstelle für Handy -R265-	1472-1473
1.29.1 Einbauort für Multifunktionsfach:	1472
1.29.2 Einbauort für Multifunktionsschalter:	1473
1.30 USB-Verteiler -R293-	1474
1.30.1 Einbauort:	1474
1.31 Lenksäulenkombinationsschalter -E595-	1475
1.31.1 Einbauort:	1475
1.32 Steuergerät für elektronisch geregelte Dämpfung -J250-, Steuergerät für Leuchtweitenregelung -J431-
1476-1477
1.32.1 Einbauort für Linkslenkerfahrzeuge (LOL):	1476
1.32.2 Einbauort für Rechtslenkerfahrzeuge (LOR):	1477
1.33 Steuergerät für beheizbare Vorderachse -J774-	1478
1.33.1 Einbauort:	1478
1.34 Funkempfänger für Standheizung -R64-, Funkempfänger für Zusatzwasserheizung -R149-	1479
1.34.1 Einbauort:	1479
1.35 Steuergerät für Einparkhilfe -J446-	1480
1.35.1 Einbauort:	1480
1.36 Steuergerät für Airbag -J234-	1481
1.36.1 Einbauort:	1481
1.37 Steuergerät für Kraftstoffpumpe -J538-	1482
1.37.1 Einbauort:	1482
1.38 Türsteuergerät Fahrerseite -J386-, Türsteuergerät Beifahrerseite -J387-	1483
1.38.1 Einbauort:	1483
1.39 Zweiwege-Signalverstärker für Mobilfunk -J984-	1484
1.39.1 Einbauort:	1484
1.40 Bordnetzsteuergerät -J519-	1485
1.40.1 Einbauort:	1485
1.41 Wählhebel -E313-	1486
1.41.1 Einbauort:	1486
1.42 Steuergerät für Notrufmodul und Kommunikationseinheit -J949-	1487
1.42.1 Einbauort:	1487
1.43 Umfeldsteuergerät -J754-	1488-1489
1.43.1 Einbauort:	1488-1489
1.44 Hupentonfühler -C5- und Anzeigeeinheit 1 für Multimediasystem -Y23-	1490-1491
1.44.1 Einbauort:	1490-1491
806 - -Einbauorte: Steuergeräte im hinteren Teil des Fahrzeugs - 3	1492-1501
1. Steuergeräte im hinteren Teil des Fahrzeugs	1492-1501
1.1 Steuergerät für Heckklappenöffnung -J605-	1492
1.1.1 Einbauort:	1493
1.2 Sende- und Empfangsmodul 2 für Innenraumüberwachung -G305-	1494
1.2.1 Einbauort:	1494
1.3 Steuergerät für Spurwechselassistent -J769-, Steuergerät 2 für Spurwechselassistent -J770-	1495-1496
1.3.1 Einbauort:	1495-1496
1.4 Steuergerät für Schiebetür links -J558-, Steuergerät für Schiebetür rechts -J731-	1497
1.4.1 Einbauort:	1497
1.5 Steuergerät für Schiebetür links -J558-, Steuergerät für Heckklappe -J605- und Steuergerät für Schiebetür rechts -J731-
1498
1.5.1 Einbauort:	1498
1.6 Steuergerät für Allradantrieb -J492-	1499
